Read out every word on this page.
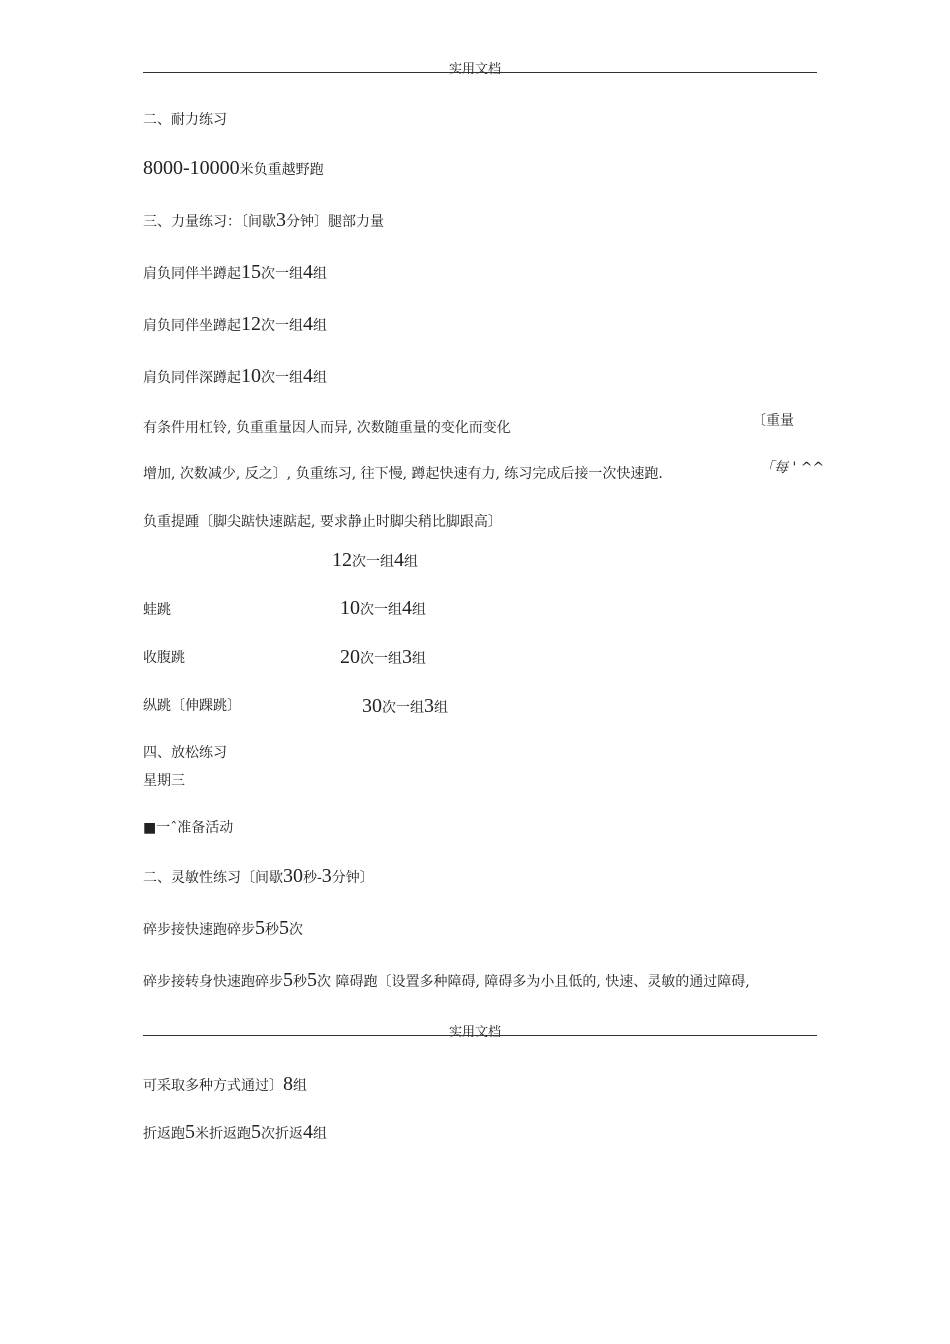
实用文档
二、耐力练习
8000-10000米负重越野跑
三、力量练习：〔间歇3分钟〕腿部力量
肩负同伴半蹲起15次一组4组
肩负同伴坐蹲起12次一组4组
肩负同伴深蹲起10次一组4组
有条件用杠铃, 负重重量因人而异, 次数随重量的变化而变化	〔重量
增加, 次数减少, 反之〕, 负重练习, 往下慢, 蹲起快速有力, 练习完成后接一次快速跑.	「每 ' ^^
负重提踵〔脚尖踮快速踮起, 要求静止时脚尖稍比脚跟高〕
12次一组4组
蛙跳	10次一组4组
收腹跳	20次一组3组
纵跳〔伸踝跳〕	30次一组3组
四、放松练习
星期三
■一ˆ准备活动
二、灵敏性练习〔间歇30秒-3分钟〕
碎步接快速跑碎步5秒5次
碎步接转身快速跑碎步5秒5次 障碍跑〔设置多种障碍, 障碍多为小且低的, 快速、灵敏的通过障碍,
实用文档
可采取多种方式通过〕8组
折返跑5米折返跑5次折返4组
